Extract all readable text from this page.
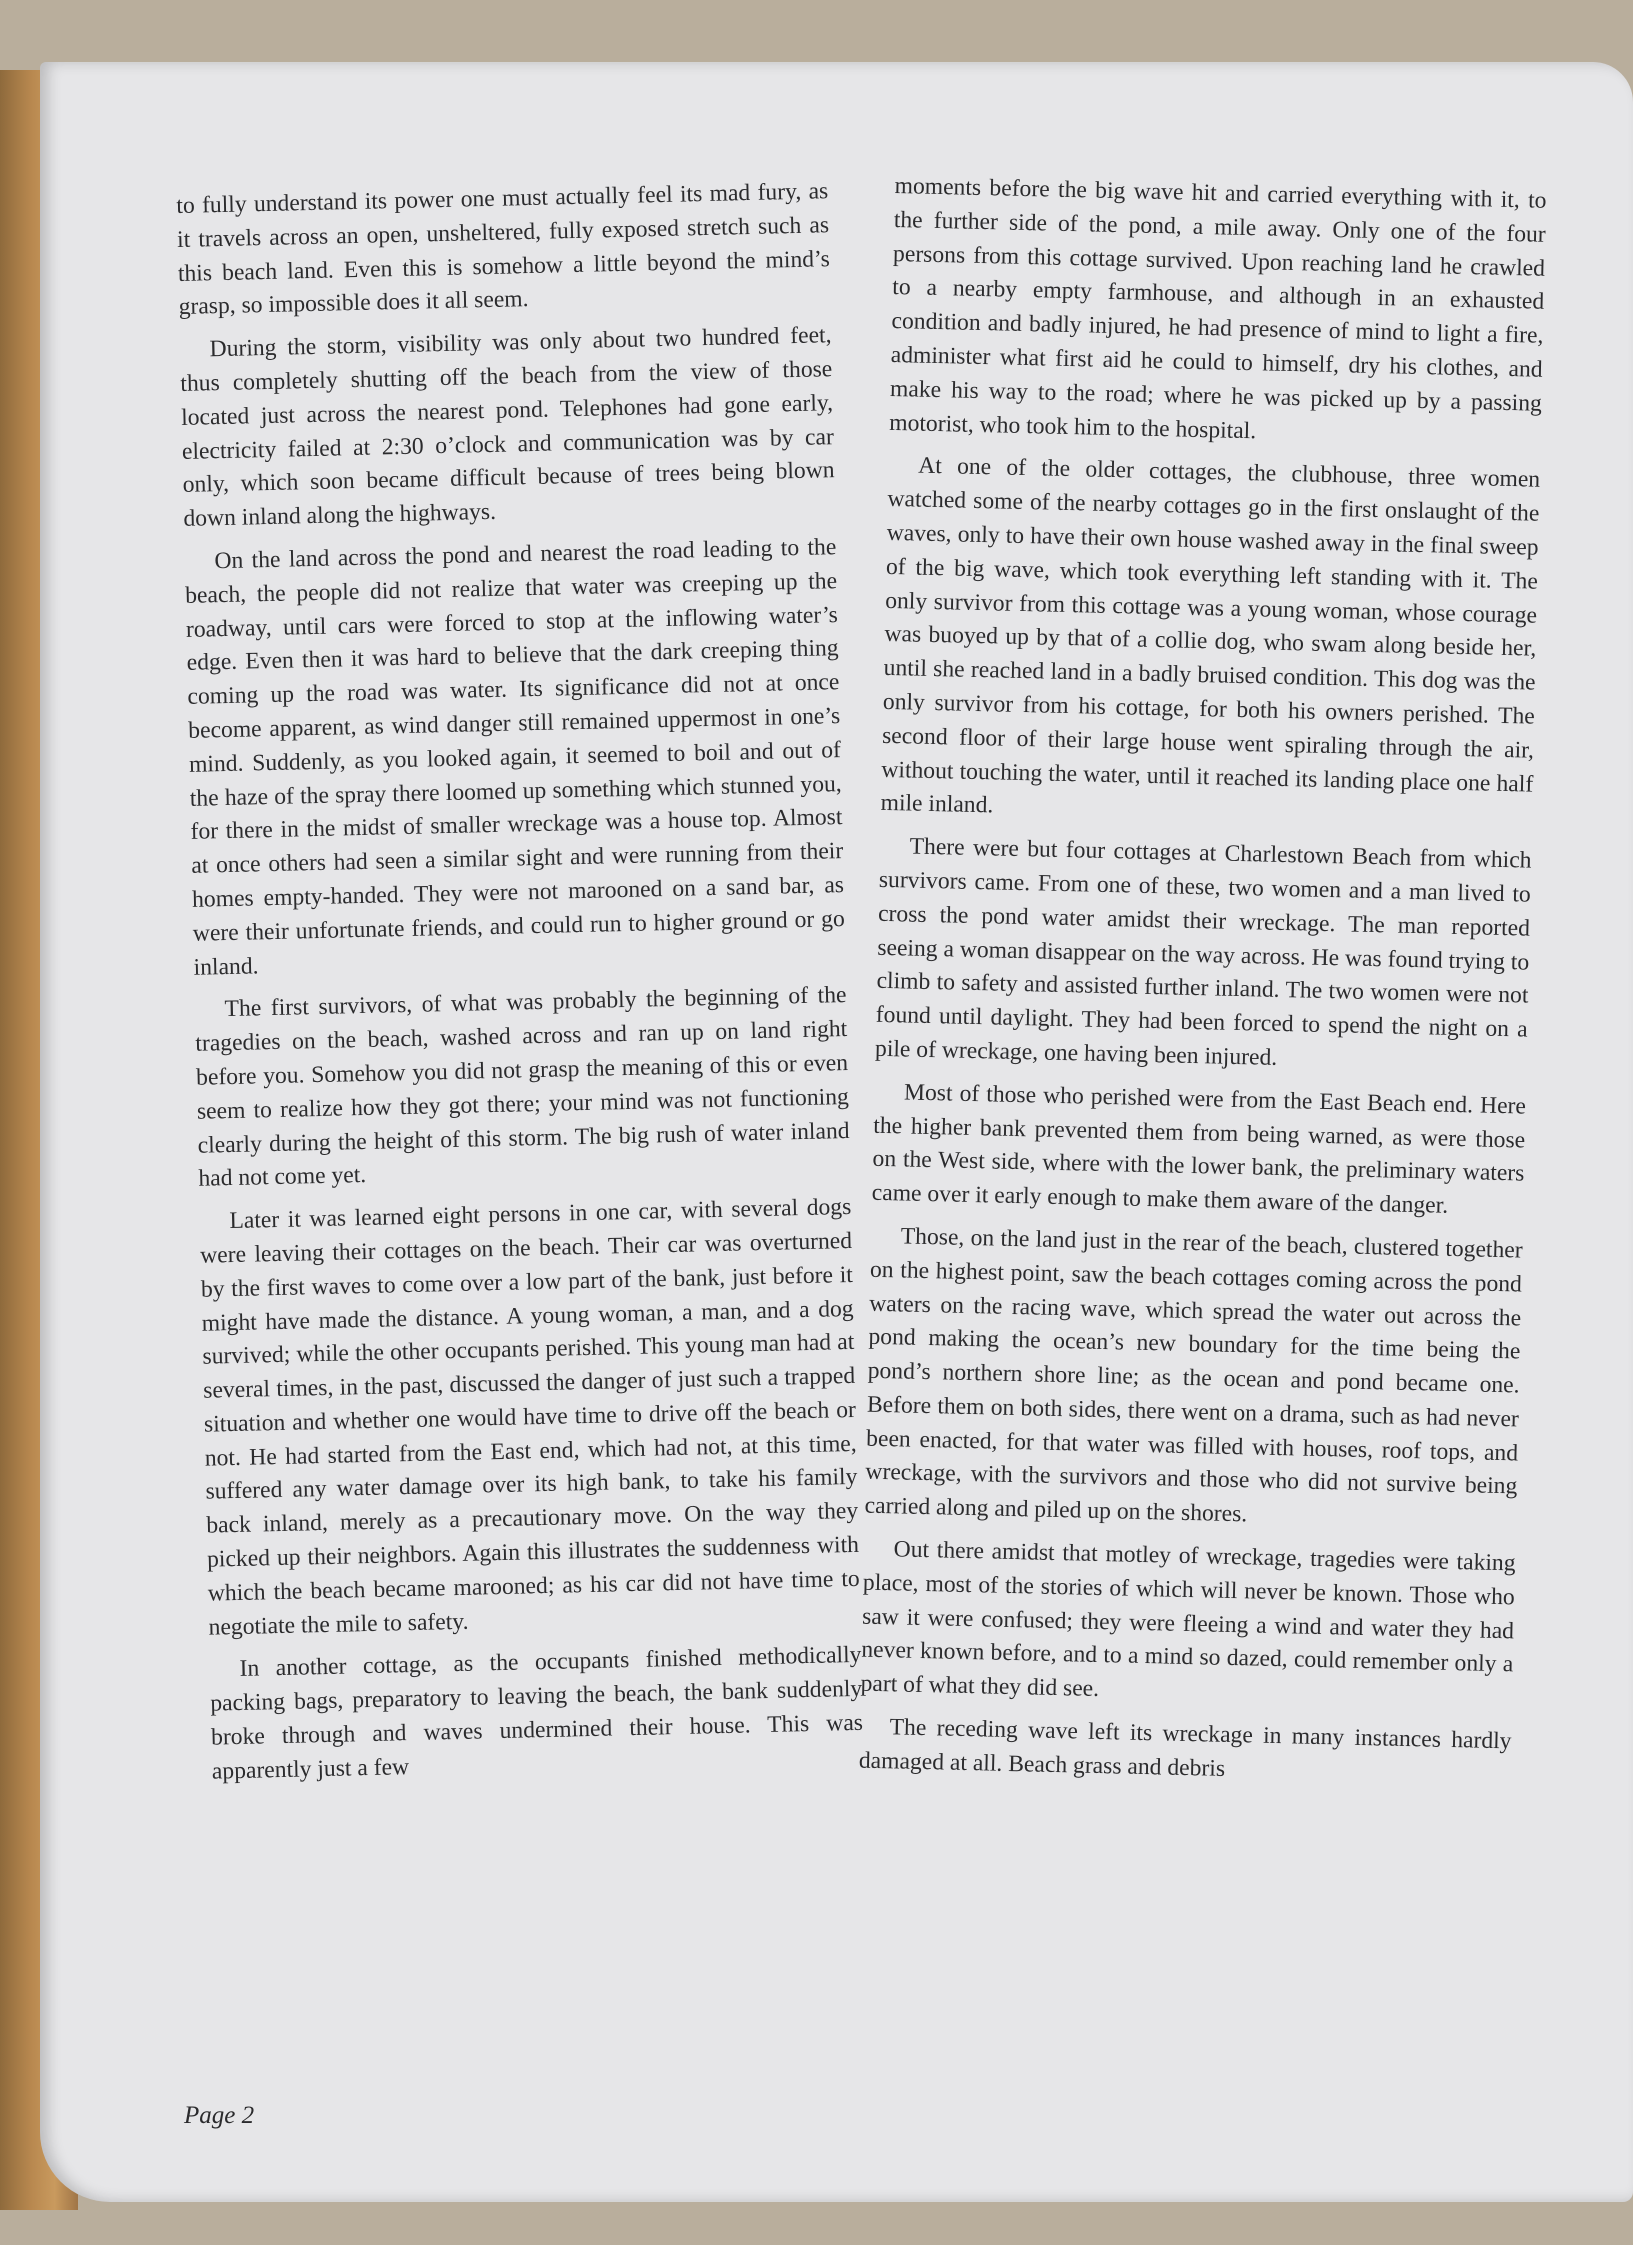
to fully understand its power one must actually feel its mad fury, as it travels across an open, unsheltered, fully exposed stretch such as this beach land. Even this is somehow a little beyond the mind’s grasp, so impossible does it all seem.

During the storm, visibility was only about two hundred feet, thus completely shutting off the beach from the view of those located just across the nearest pond. Telephones had gone early, electricity failed at 2:30 o’clock and communication was by car only, which soon became difficult because of trees being blown down inland along the highways.

On the land across the pond and nearest the road leading to the beach, the people did not realize that water was creeping up the roadway, until cars were forced to stop at the inflowing water’s edge. Even then it was hard to believe that the dark creeping thing coming up the road was water. Its significance did not at once become apparent, as wind danger still remained uppermost in one’s mind. Suddenly, as you looked again, it seemed to boil and out of the haze of the spray there loomed up something which stunned you, for there in the midst of smaller wreckage was a house top. Almost at once others had seen a similar sight and were running from their homes empty-handed. They were not marooned on a sand bar, as were their unfortunate friends, and could run to higher ground or go inland.

The first survivors, of what was probably the beginning of the tragedies on the beach, washed across and ran up on land right before you. Somehow you did not grasp the meaning of this or even seem to realize how they got there; your mind was not functioning clearly during the height of this storm. The big rush of water inland had not come yet.

Later it was learned eight persons in one car, with several dogs were leaving their cottages on the beach. Their car was overturned by the first waves to come over a low part of the bank, just before it might have made the distance. A young woman, a man, and a dog survived; while the other occupants perished. This young man had at several times, in the past, discussed the danger of just such a trapped situation and whether one would have time to drive off the beach or not. He had started from the East end, which had not, at this time, suffered any water damage over its high bank, to take his family back inland, merely as a precautionary move. On the way they picked up their neighbors. Again this illustrates the suddenness with which the beach became marooned; as his car did not have time to negotiate the mile to safety.

In another cottage, as the occupants finished methodically packing bags, preparatory to leaving the beach, the bank suddenly broke through and waves undermined their house. This was apparently just a few

moments before the big wave hit and carried everything with it, to the further side of the pond, a mile away. Only one of the four persons from this cottage survived. Upon reaching land he crawled to a nearby empty farmhouse, and although in an exhausted condition and badly injured, he had presence of mind to light a fire, administer what first aid he could to himself, dry his clothes, and make his way to the road; where he was picked up by a passing motorist, who took him to the hospital.

At one of the older cottages, the clubhouse, three women watched some of the nearby cottages go in the first onslaught of the waves, only to have their own house washed away in the final sweep of the big wave, which took everything left standing with it. The only survivor from this cottage was a young woman, whose courage was buoyed up by that of a collie dog, who swam along beside her, until she reached land in a badly bruised condition. This dog was the only survivor from his cottage, for both his owners perished. The second floor of their large house went spiraling through the air, without touching the water, until it reached its landing place one half mile inland.

There were but four cottages at Charlestown Beach from which survivors came. From one of these, two women and a man lived to cross the pond water amidst their wreckage. The man reported seeing a woman disappear on the way across. He was found trying to climb to safety and assisted further inland. The two women were not found until daylight. They had been forced to spend the night on a pile of wreckage, one having been injured.

Most of those who perished were from the East Beach end. Here the higher bank prevented them from being warned, as were those on the West side, where with the lower bank, the preliminary waters came over it early enough to make them aware of the danger.

Those, on the land just in the rear of the beach, clustered together on the highest point, saw the beach cottages coming across the pond waters on the racing wave, which spread the water out across the pond making the ocean’s new boundary for the time being the pond’s northern shore line; as the ocean and pond became one. Before them on both sides, there went on a drama, such as had never been enacted, for that water was filled with houses, roof tops, and wreckage, with the survivors and those who did not survive being carried along and piled up on the shores.

Out there amidst that motley of wreckage, tragedies were taking place, most of the stories of which will never be known. Those who saw it were confused; they were fleeing a wind and water they had never known before, and to a mind so dazed, could remember only a part of what they did see.

The receding wave left its wreckage in many instances hardly damaged at all. Beach grass and debris

Page 2
